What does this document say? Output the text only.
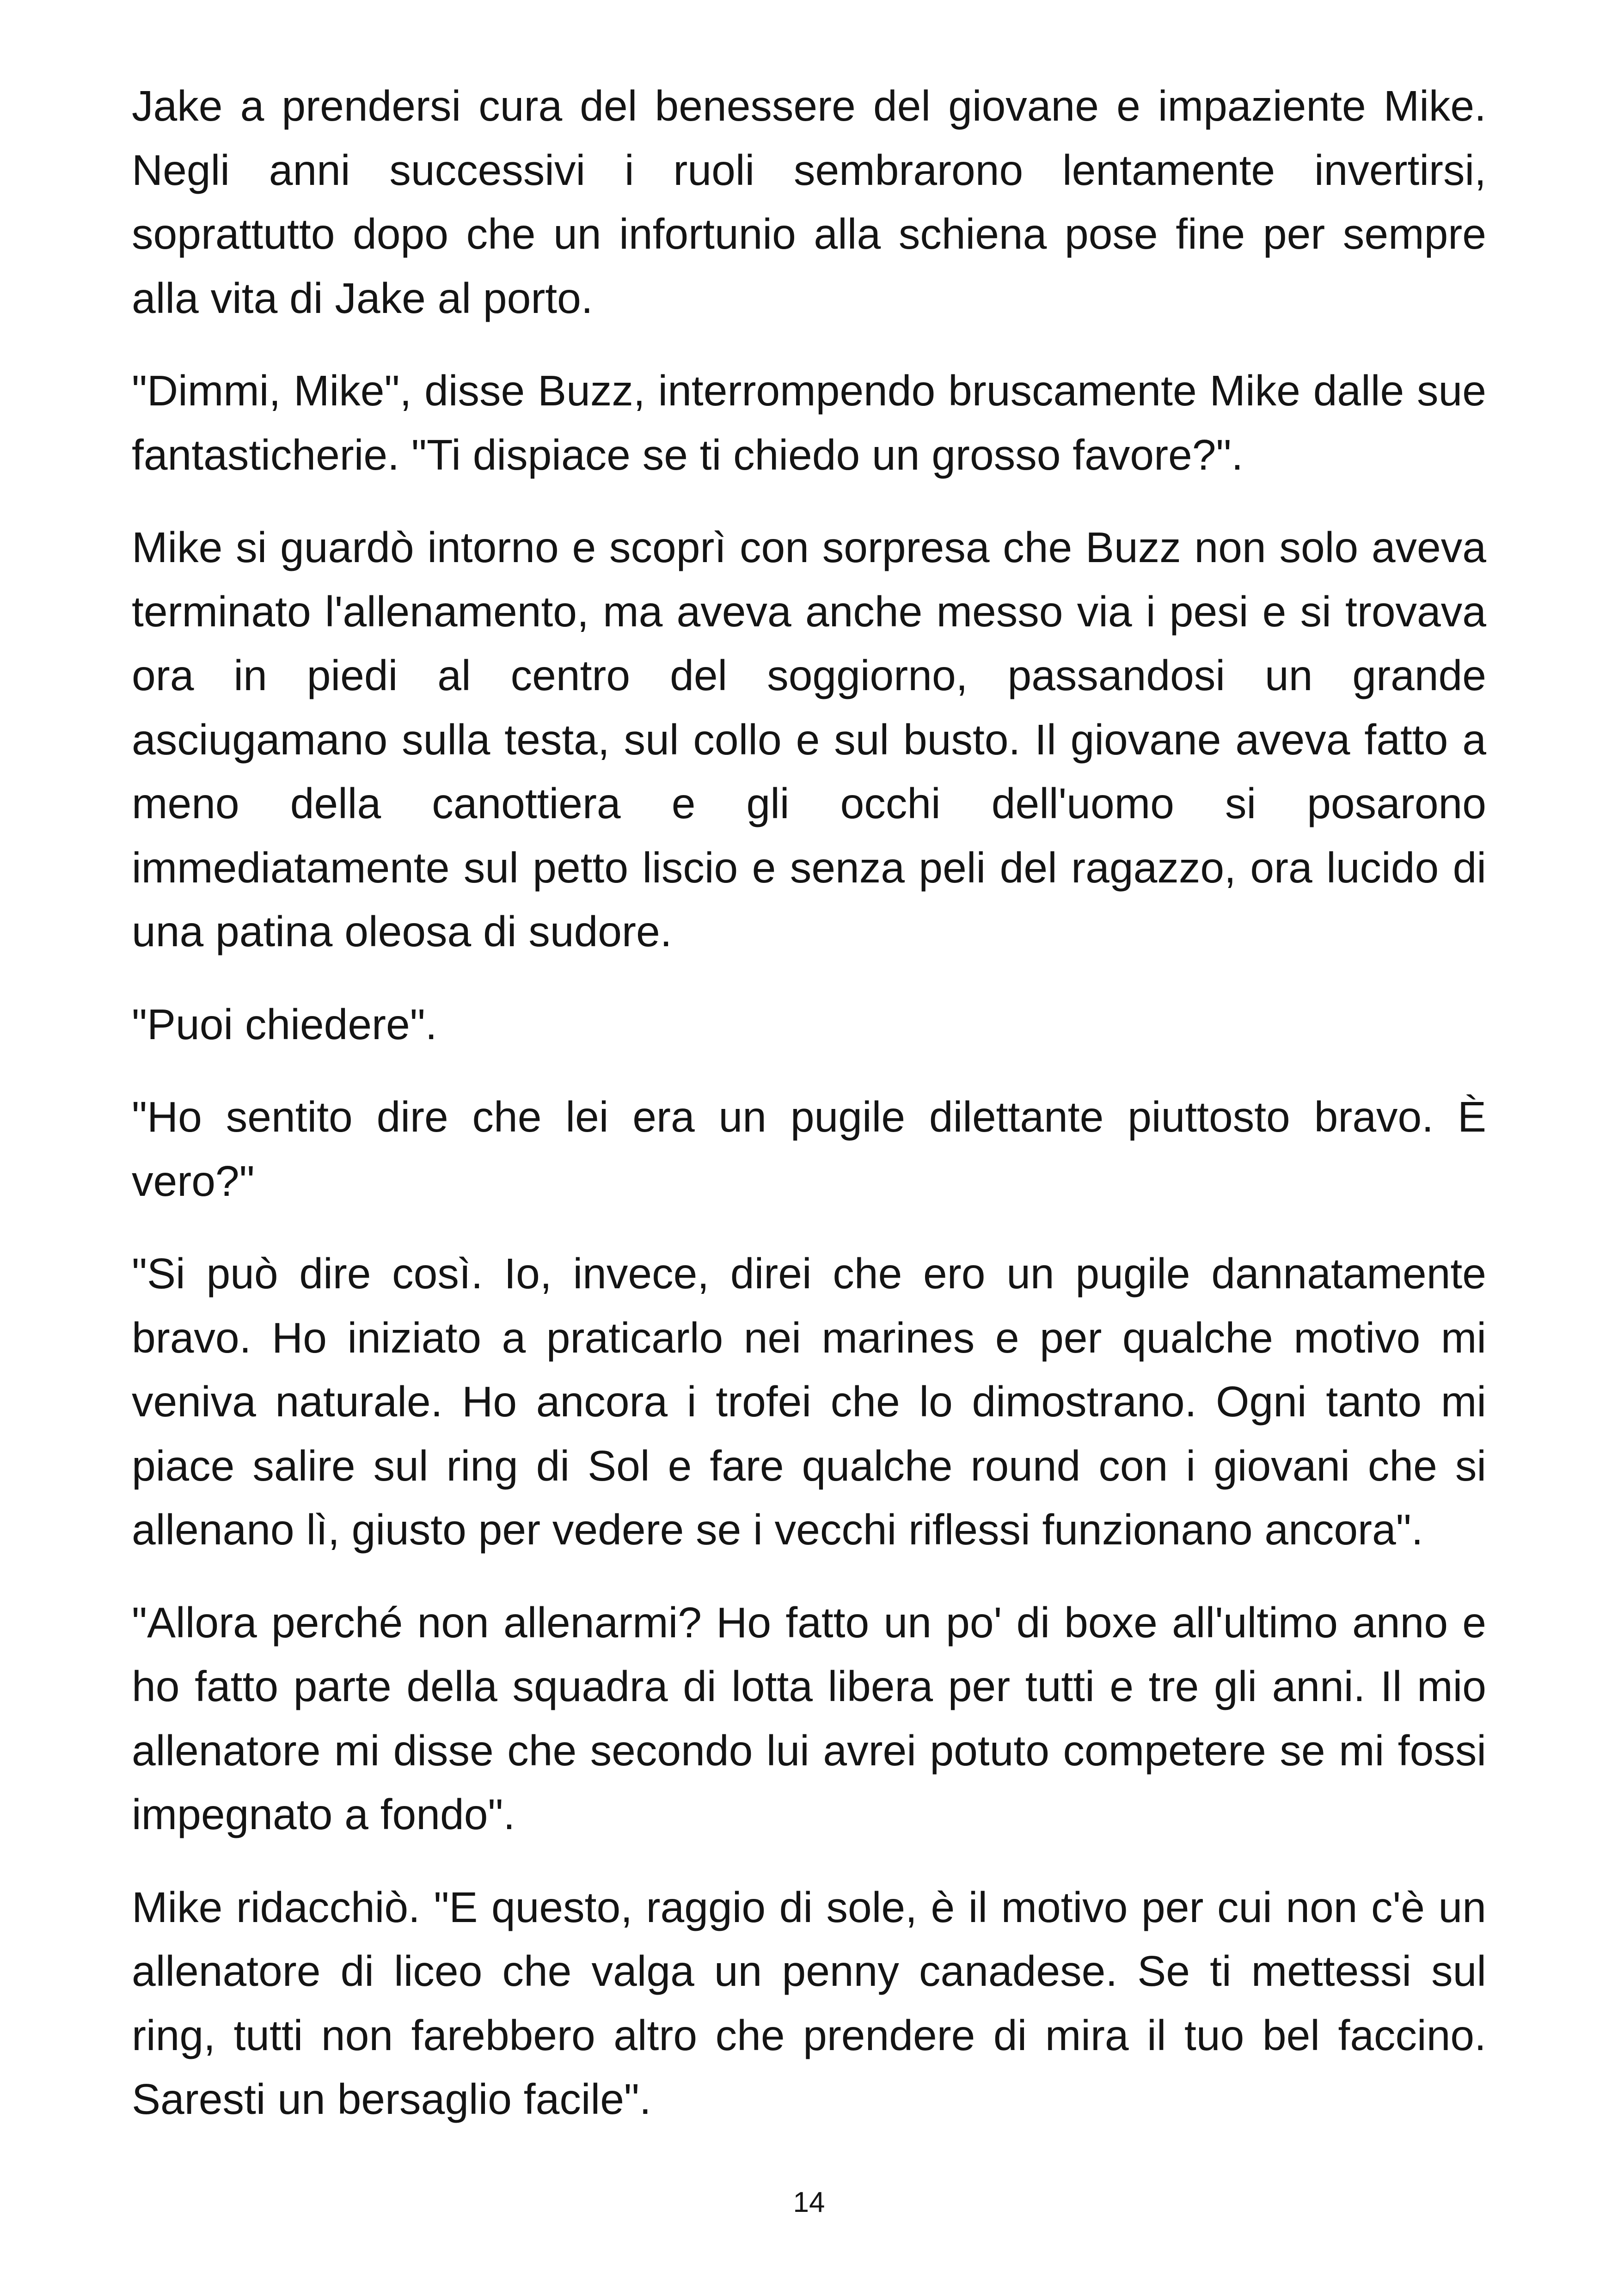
Jake a prendersi cura del benessere del giovane e impaziente Mike. Negli anni successivi i ruoli sembrarono lentamente invertirsi, soprattutto dopo che un infortunio alla schiena pose fine per sempre alla vita di Jake al porto.

"Dimmi, Mike", disse Buzz, interrompendo bruscamente Mike dalle sue fantasticherie. "Ti dispiace se ti chiedo un grosso favore?".

Mike si guardò intorno e scoprì con sorpresa che Buzz non solo aveva terminato l'allenamento, ma aveva anche messo via i pesi e si trovava ora in piedi al centro del soggiorno, passandosi un grande asciugamano sulla testa, sul collo e sul busto. Il giovane aveva fatto a meno della canottiera e gli occhi dell'uomo si posarono immediatamente sul petto liscio e senza peli del ragazzo, ora lucido di una patina oleosa di sudore.

"Puoi chiedere".

"Ho sentito dire che lei era un pugile dilettante piuttosto bravo. È vero?"

"Si può dire così. Io, invece, direi che ero un pugile dannatamente bravo. Ho iniziato a praticarlo nei marines e per qualche motivo mi veniva naturale. Ho ancora i trofei che lo dimostrano. Ogni tanto mi piace salire sul ring di Sol e fare qualche round con i giovani che si allenano lì, giusto per vedere se i vecchi riflessi funzionano ancora".

"Allora perché non allenarmi? Ho fatto un po' di boxe all'ultimo anno e ho fatto parte della squadra di lotta libera per tutti e tre gli anni. Il mio allenatore mi disse che secondo lui avrei potuto competere se mi fossi impegnato a fondo".

Mike ridacchiò. "E questo, raggio di sole, è il motivo per cui non c'è un allenatore di liceo che valga un penny canadese. Se ti mettessi sul ring, tutti non farebbero altro che prendere di mira il tuo bel faccino. Saresti un bersaglio facile".

14
